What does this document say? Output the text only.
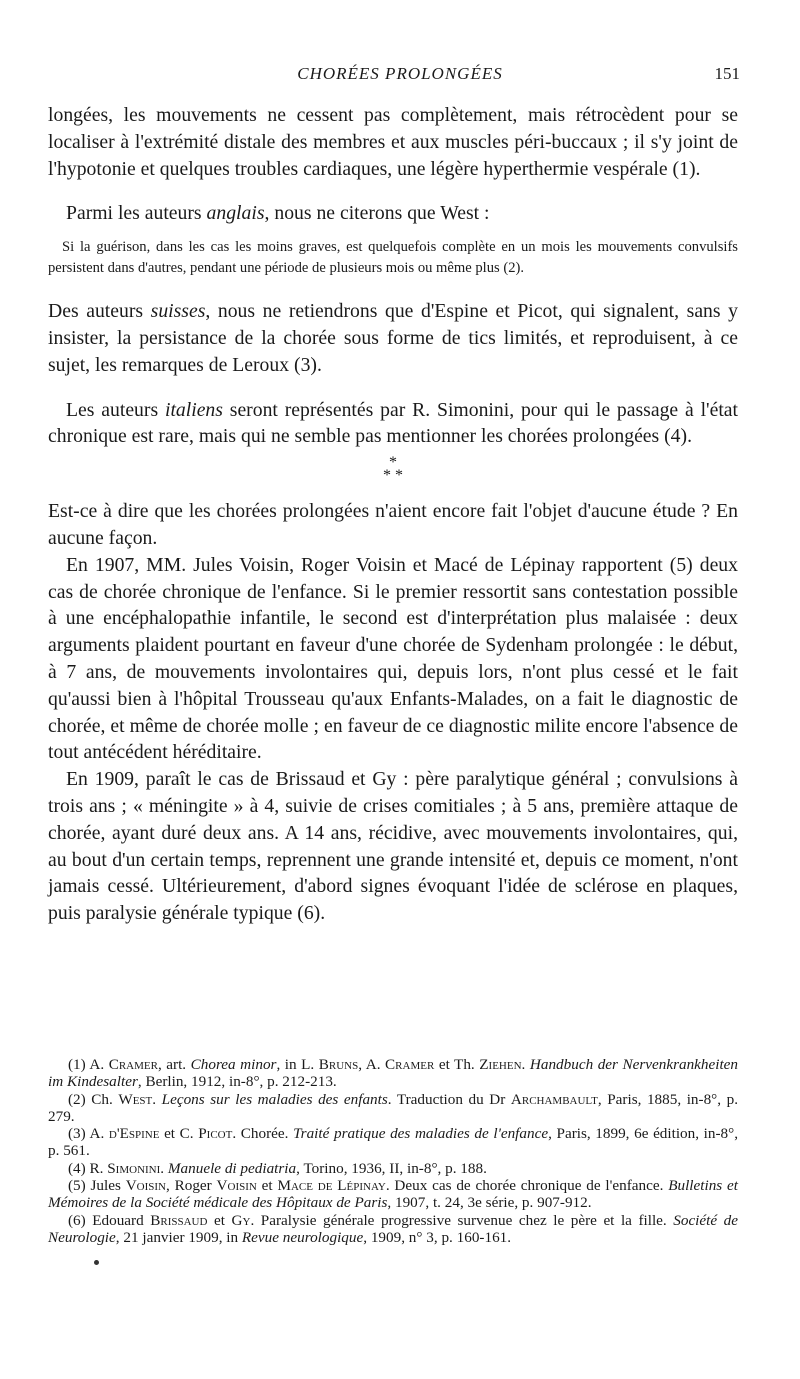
CHORÉES PROLONGÉES	151

longées, les mouvements ne cessent pas complètement, mais rétrocèdent pour se localiser à l'extrémité distale des membres et aux muscles péri-buccaux ; il s'y joint de l'hypotonie et quelques troubles cardiaques, une légère hyperthermie vespérale (1).

Parmi les auteurs anglais, nous ne citerons que West :

Si la guérison, dans les cas les moins graves, est quelquefois complète en un mois les mouvements convulsifs persistent dans d'autres, pendant une période de plusieurs mois ou même plus (2).

Des auteurs suisses, nous ne retiendrons que d'Espine et Picot, qui signalent, sans y insister, la persistance de la chorée sous forme de tics limités, et reproduisent, à ce sujet, les remarques de Leroux (3).

Les auteurs italiens seront représentés par R. Simonini, pour qui le passage à l'état chronique est rare, mais qui ne semble pas mentionner les chorées prolongées (4).

*
* *

Est-ce à dire que les chorées prolongées n'aient encore fait l'objet d'aucune étude ? En aucune façon.

En 1907, MM. Jules Voisin, Roger Voisin et Macé de Lépinay rapportent (5) deux cas de chorée chronique de l'enfance. Si le premier ressortit sans contestation possible à une encéphalopathie infantile, le second est d'interprétation plus malaisée : deux arguments plaident pourtant en faveur d'une chorée de Sydenham prolongée : le début, à 7 ans, de mouvements involontaires qui, depuis lors, n'ont plus cessé et le fait qu'aussi bien à l'hôpital Trousseau qu'aux Enfants-Malades, on a fait le diagnostic de chorée, et même de chorée molle ; en faveur de ce diagnostic milite encore l'absence de tout antécédent héréditaire.

En 1909, paraît le cas de Brissaud et Gy : père paralytique général ; convulsions à trois ans ; « méningite » à 4, suivie de crises comitiales ; à 5 ans, première attaque de chorée, ayant duré deux ans. A 14 ans, récidive, avec mouvements involontaires, qui, au bout d'un certain temps, reprennent une grande intensité et, depuis ce moment, n'ont jamais cessé. Ultérieurement, d'abord signes évoquant l'idée de sclérose en plaques, puis paralysie générale typique (6).

(1) A. Cramer, art. Chorea minor, in L. Bruns, A. Cramer et Th. Ziehen. Handbuch der Nervenkrankheiten im Kindesalter, Berlin, 1912, in-8°, p. 212-213.

(2) Ch. West. Leçons sur les maladies des enfants. Traduction du Dr Archambault, Paris, 1885, in-8°, p. 279.

(3) A. d'Espine et C. Picot. Chorée. Traité pratique des maladies de l'enfance, Paris, 1899, 6e édition, in-8°, p. 561.

(4) R. Simonini. Manuele di pediatria, Torino, 1936, II, in-8°, p. 188.

(5) Jules Voisin, Roger Voisin et Mace de Lépinay. Deux cas de chorée chronique de l'enfance. Bulletins et Mémoires de la Société médicale des Hôpitaux de Paris, 1907, t. 24, 3e série, p. 907-912.

(6) Edouard Brissaud et Gy. Paralysie générale progressive survenue chez le père et la fille. Société de Neurologie, 21 janvier 1909, in Revue neurologique, 1909, n° 3, p. 160-161.
